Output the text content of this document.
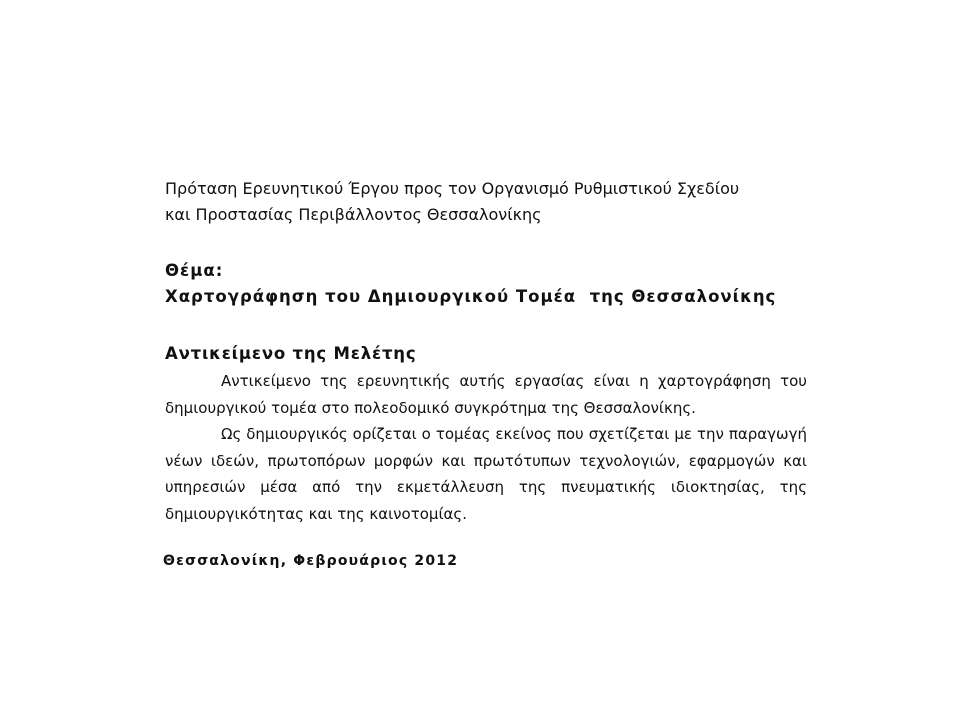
Πρόταση Ερευνητικού Έργου προς τον Οργανισμό Ρυθμιστικού Σχεδίου
και Προστασίας Περιβάλλοντος Θεσσαλονίκης
Θέμα:
Χαρτογράφηση του Δημιουργικού Τομέα  της Θεσσαλονίκης
Αντικείμενο της Μελέτης

Αντικείμενο της ερευνητικής αυτής εργασίας είναι η χαρτογράφηση του δημιουργικού τομέα στο πολεοδομικό συγκρότημα της Θεσσαλονίκης.

Ως δημιουργικός ορίζεται ο τομέας εκείνος που σχετίζεται με την παραγωγή νέων ιδεών, πρωτοπόρων μορφών και πρωτότυπων τεχνολογιών, εφαρμογών και υπηρεσιών μέσα από την εκμετάλλευση της πνευματικής ιδιοκτησίας, της δημιουργικότητας και της καινοτομίας.

Θεσσαλονίκη, Φεβρουάριος 2012
